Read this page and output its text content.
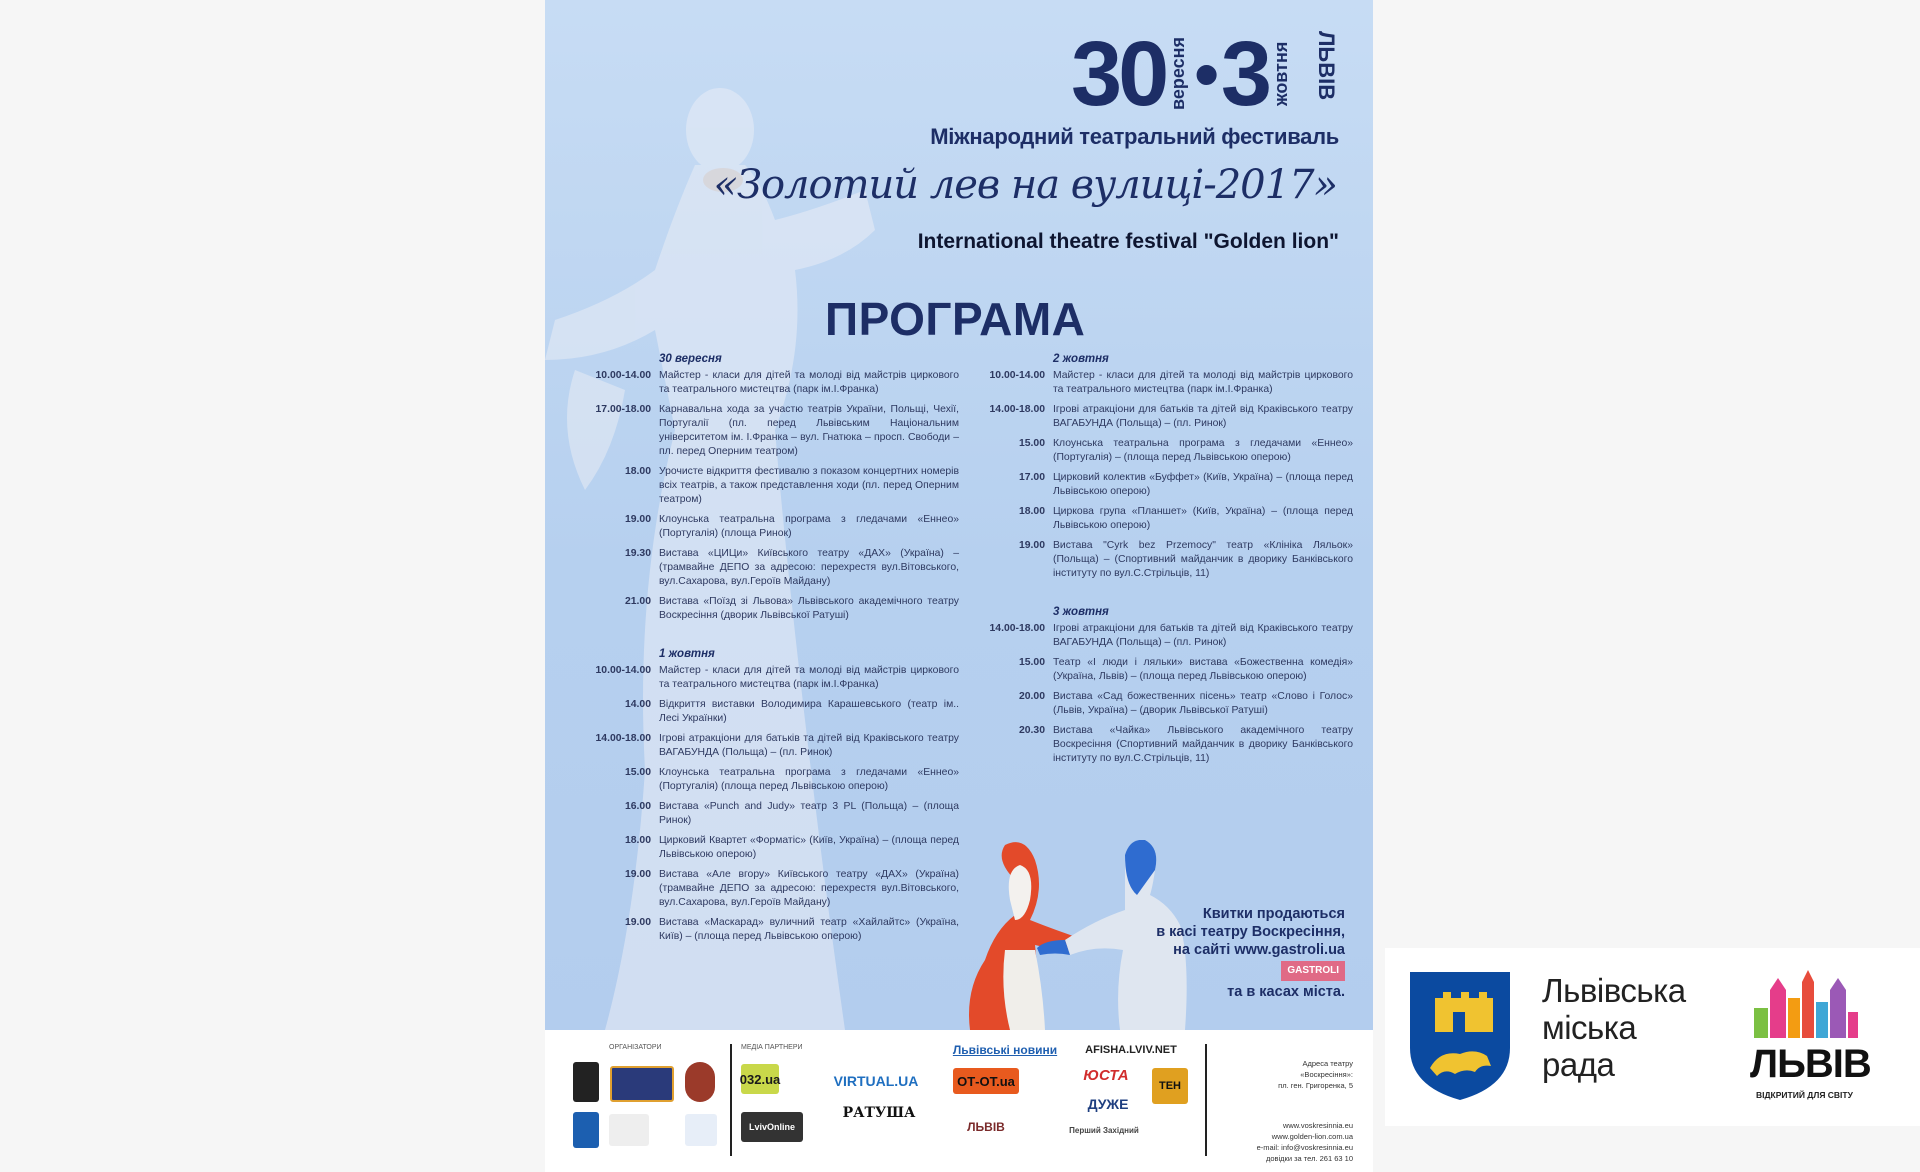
30 вересня • 3 жовтня ЛЬВІВ
Міжнародний театральний фестиваль
«Золотий лев на вулиці-2017»
International theatre festival "Golden lion"
ПРОГРАМА
30 вересня
10.00-14.00 Майстер - класи для дітей та молоді від майстрів циркового та театрального мистецтва (парк ім.І.Франка)
17.00-18.00 Карнавальна хода за участю театрів України, Польщі, Чехії, Португалії (пл. перед Львівським Національним університетом ім. І.Франка – вул. Гнатюка – просп. Свободи – пл. перед Оперним театром)
18.00 Урочисте відкриття фестивалю з показом концертних номерів всіх театрів, а також представлення ходи (пл. перед Оперним театром)
19.00 Клоунська театральна програма з гледачами «Еннео» (Португалія) (площа Ринок)
19.30 Вистава «ЦИЦи» Київського театру «ДАХ» (Україна) – (трамвайне ДЕПО за адресою: перехрестя вул.Вітовського, вул.Сахарова, вул.Героїв Майдану)
21.00 Вистава «Поїзд зі Львова» Львівського академічного театру Воскресіння (дворик Львівської Ратуші)
1 жовтня
10.00-14.00 Майстер - класи для дітей та молоді від майстрів циркового та театрального мистецтва (парк ім.І.Франка)
14.00 Відкриття виставки Володимира Карашевського (театр ім.. Лесі Українки)
14.00-18.00 Ігрові атракціони для батьків та дітей від Краківського театру ВАГАБУНДА (Польща) – (пл. Ринок)
15.00 Клоунська театральна програма з гледачами «Еннео» (Португалія) (площа перед Львівською оперою)
16.00 Вистава «Punch and Judy» театр 3 PL (Польща) – (площа Ринок)
18.00 Цирковий Квартет «Форматіс» (Київ, Україна) – (площа перед Львівською оперою)
19.00 Вистава «Але вгору» Київського театру «ДАХ» (Україна) (трамвайне ДЕПО за адресою: перехрестя вул.Вітовського, вул.Сахарова, вул.Героїв Майдану)
19.00 Вистава «Маскарад» вуличний театр «Хайлайтс» (Україна, Київ) – (площа перед Львівською оперою)
2 жовтня
10.00-14.00 Майстер - класи для дітей та молоді від майстрів циркового та театрального мистецтва (парк ім.І.Франка)
14.00-18.00 Ігрові атракціони для батьків та дітей від Краківського театру ВАГАБУНДА (Польща) – (пл. Ринок)
15.00 Клоунська театральна програма з гледачами «Еннео» (Португалія) – (площа перед Львівською оперою)
17.00 Цирковий колектив «Буффет» (Київ, Україна) – (площа перед Львівською оперою)
18.00 Циркова група «Планшет» (Київ, Україна) – (площа перед Львівською оперою)
19.00 Вистава "Cyrk bez Przemocy" театр «Клініка Ляльок» (Польща) – (Спортивний майданчик в дворику Банківського інституту по вул.С.Стрільців, 11)
3 жовтня
14.00-18.00 Ігрові атракціони для батьків та дітей від Краківського театру ВАГАБУНДА (Польща) – (пл. Ринок)
15.00 Театр «І люди і ляльки» вистава «Божественна комедія» (Україна, Львів) – (площа перед Львівською оперою)
20.00 Вистава «Сад божественних пісень» театр «Слово і Голос» (Львів, Україна) – (дворик Львівської Ратуші)
20.30 Вистава «Чайка» Львівського академічного театру Воскресіння (Спортивний майданчик в дворику Банківського інституту по вул.С.Стрільців, 11)
Квитки продаються
в касі театру Воскресіння,
на сайті www.gastroli.ua
GASTROLI
та в касах міста.
ОРГАНІЗАТОРИ	МЕДІА ПАРТНЕРИ
032.ua	VIRTUAL.UA	ОТ-ОТ.ua
Львівські новини	AFISHA.LVIV.NET
ЮСТА
ДУЖЕ
РАТУША
LvivOnline	ЛЬВІВ	Перший Західний
ТЕН
Адреса театру
«Воскресіння»:
пл. ген. Григоренка, 5
www.voskresinnia.eu
www.golden-lion.com.ua
e-mail: info@voskresinnia.eu
довідки за тел. 261 63 10
Львівська
міська
рада	ЛЬВІВ
ВІДКРИТИЙ ДЛЯ СВІТУ
